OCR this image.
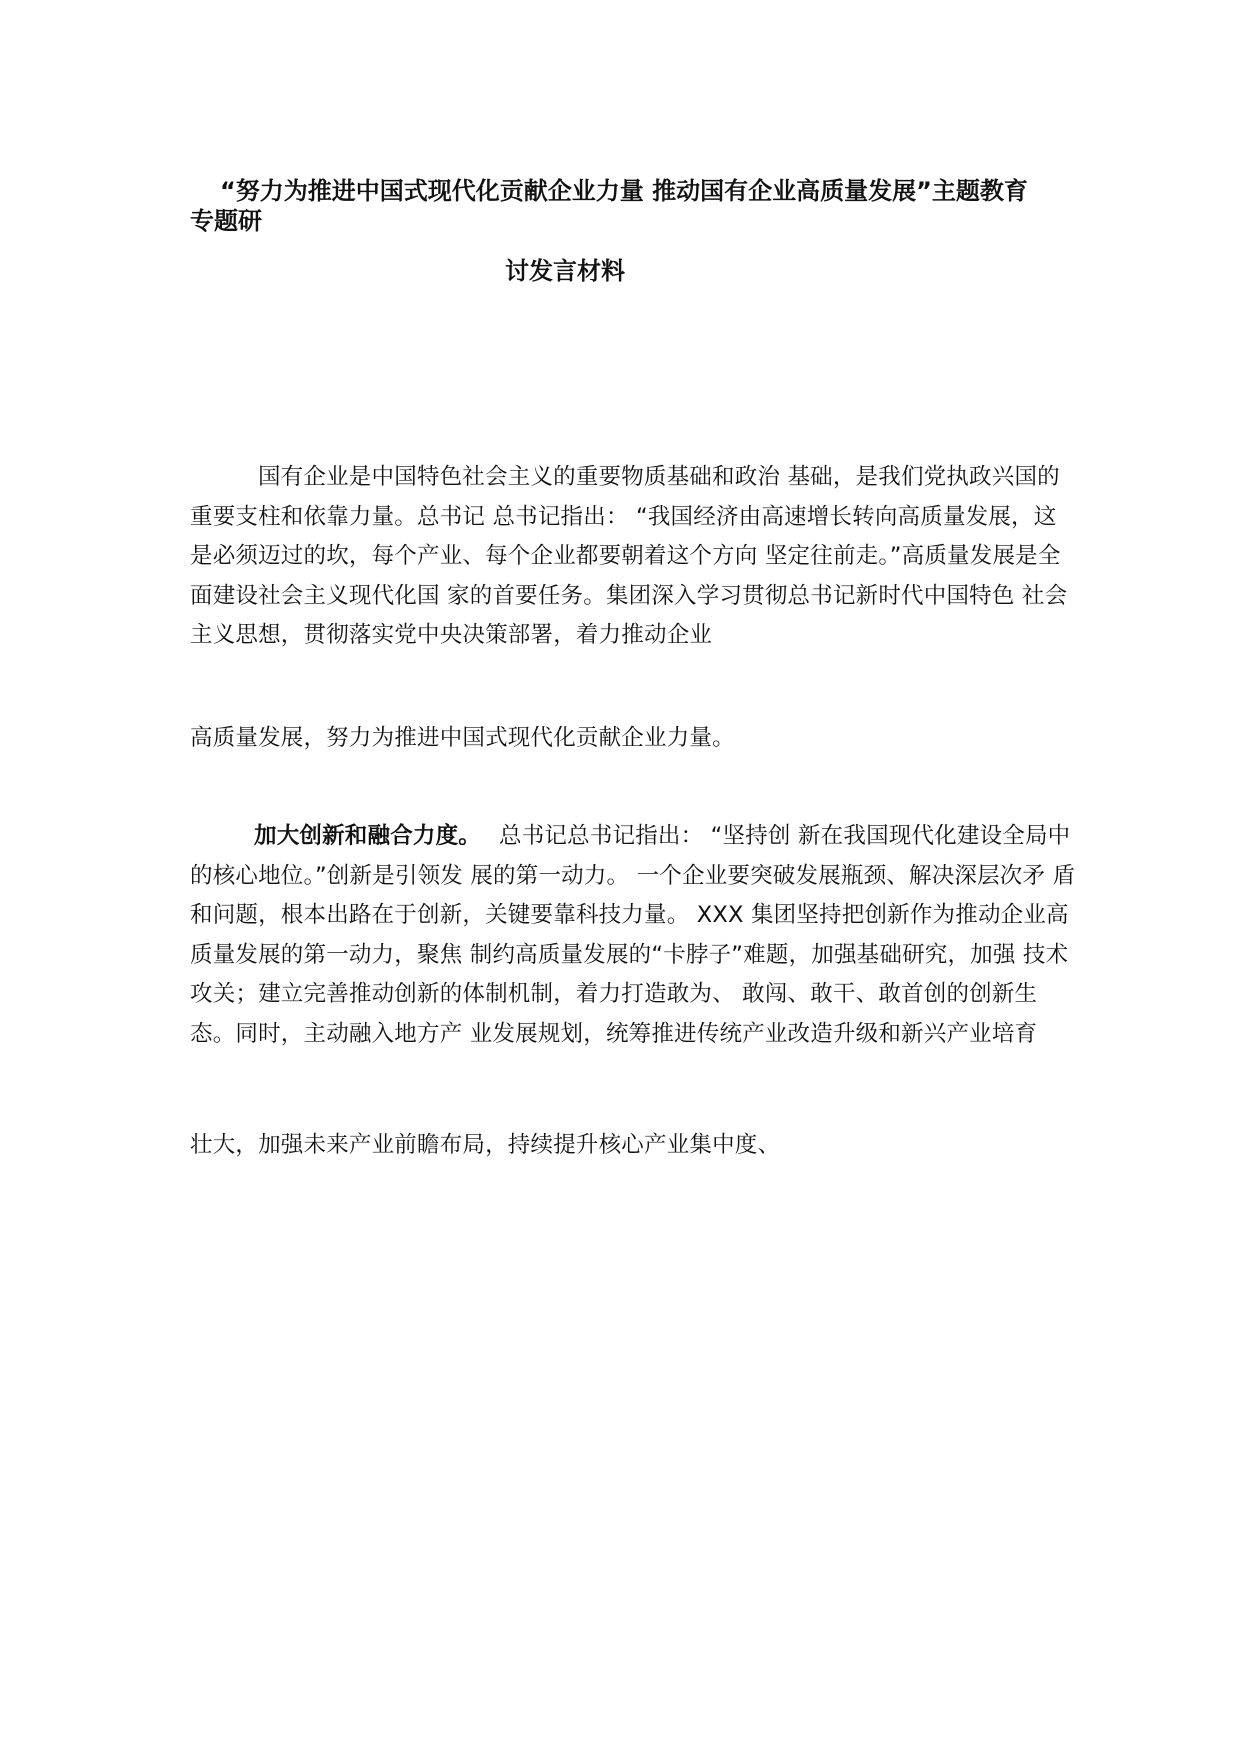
“努力为推进中国式现代化贡献企业力量 推动国有企业高质量发展”主题教育
专题研
讨发言材料
国有企业是中国特色社会主义的重要物质基础和政治 基础，是我们党执政兴国的重要支柱和依靠力量。总书记 总书记指出： “我国经济由高速增长转向高质量发展，这 是必须迈过的坎，每个产业、每个企业都要朝着这个方向 坚定往前走。”高质量发展是全面建设社会主义现代化国 家的首要任务。集团深入学习贯彻总书记新时代中国特色 社会主义思想，贯彻落实党中央决策部署，着力推动企业
高质量发展，努力为推进中国式现代化贡献企业力量。
加大创新和融合力度。 总书记总书记指出： “坚持创 新在我国现代化建设全局中的核心地位。”创新是引领发 展的第一动力。 一个企业要突破发展瓶颈、解决深层次矛 盾和问题，根本出路在于创新，关键要靠科技力量。 XXX 集团坚持把创新作为推动企业高质量发展的第一动力，聚焦 制约高质量发展的“卡脖子”难题，加强基础研究，加强 技术攻关；建立完善推动创新的体制机制，着力打造敢为、 敢闯、敢干、敢首创的创新生态。同时，主动融入地方产 业发展规划，统筹推进传统产业改造升级和新兴产业培育
壮大，加强未来产业前瞻布局，持续提升核心产业集中度、
